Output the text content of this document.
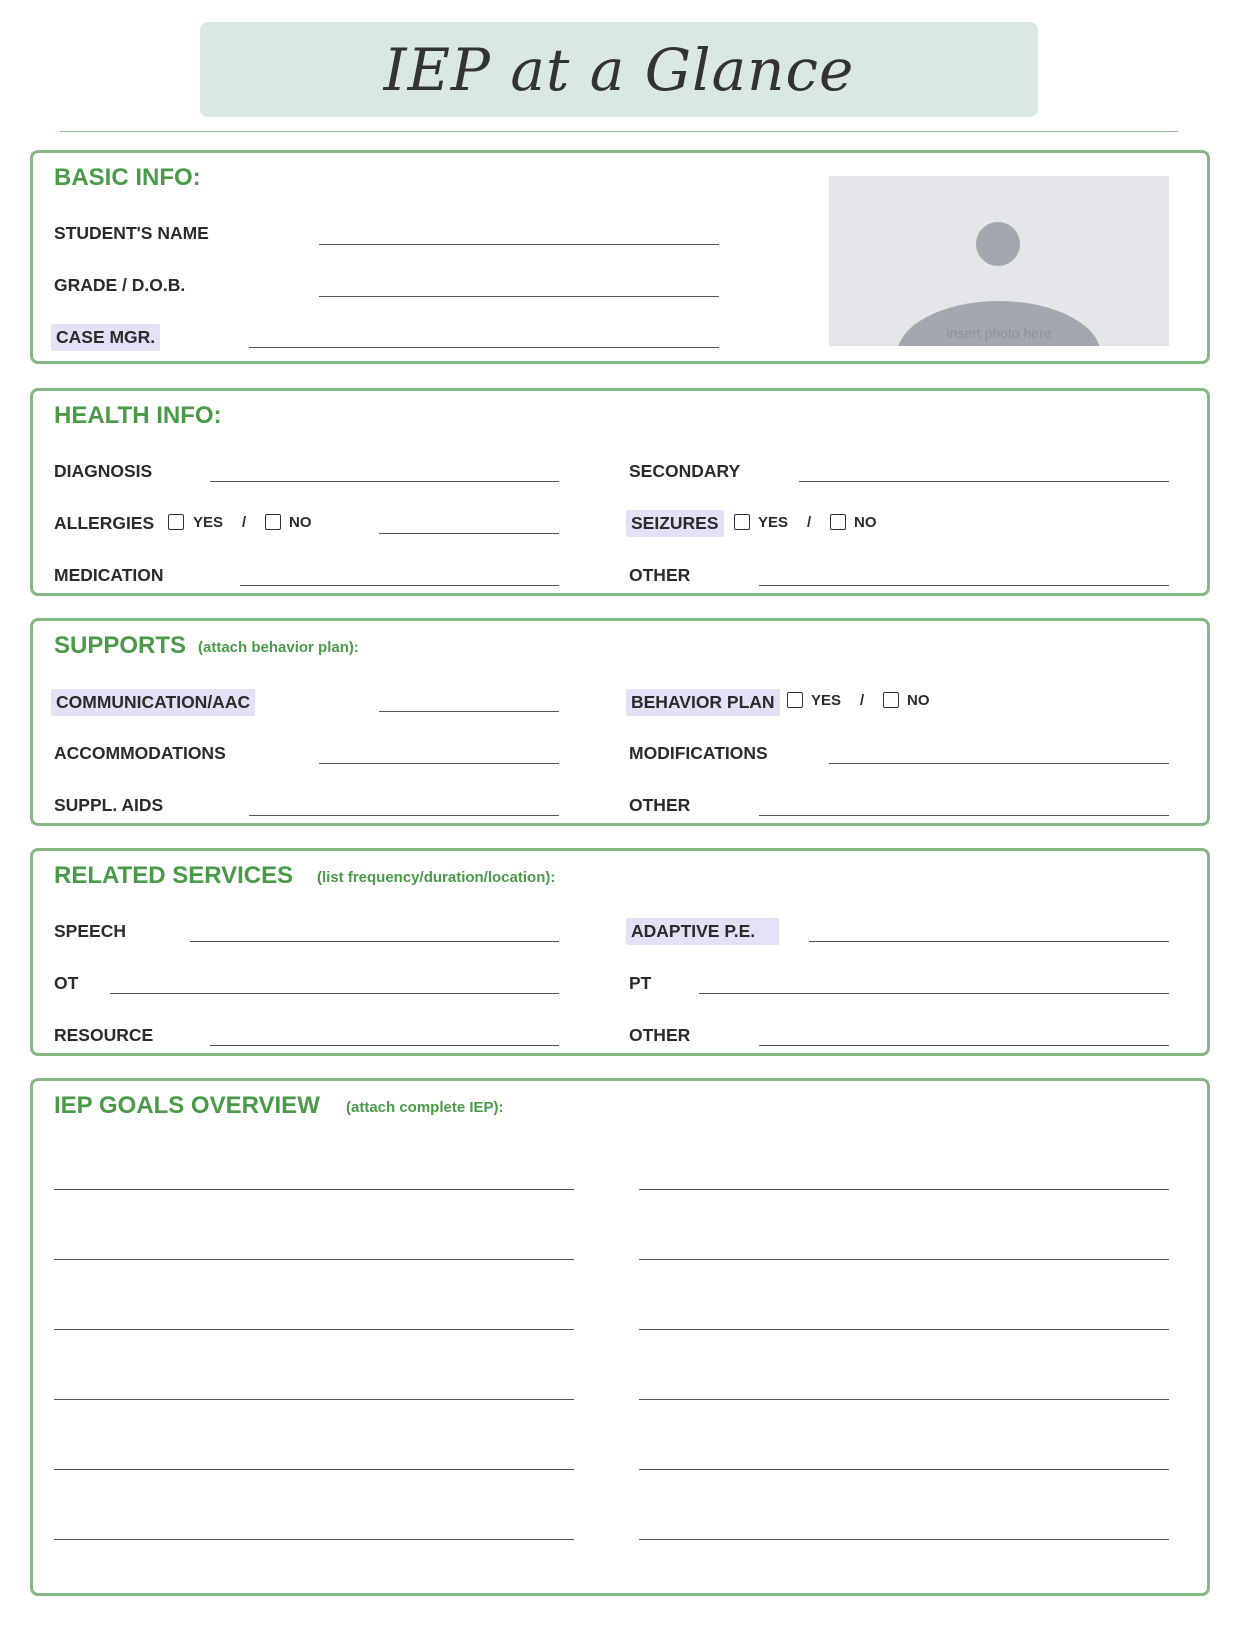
IEP at a Glance
BASIC INFO:
STUDENT'S NAME
GRADE / D.O.B.
CASE MGR.	insert photo here
HEALTH INFO:
DIAGNOSIS	SECONDARY
ALLERGIES	YES /	NO	SEIZURES	YES /	NO
MEDICATION	OTHER
SUPPORTS (attach behavior plan):
COMMUNICATION/AAC	BEHAVIOR PLAN	YES /	NO
ACCOMMODATIONS	MODIFICATIONS
SUPPL. AIDS	OTHER
RELATED SERVICES (list frequency/duration/location):
SPEECH	ADAPTIVE P.E.
OT	PT
RESOURCE	OTHER
IEP GOALS OVERVIEW (attach complete IEP):
